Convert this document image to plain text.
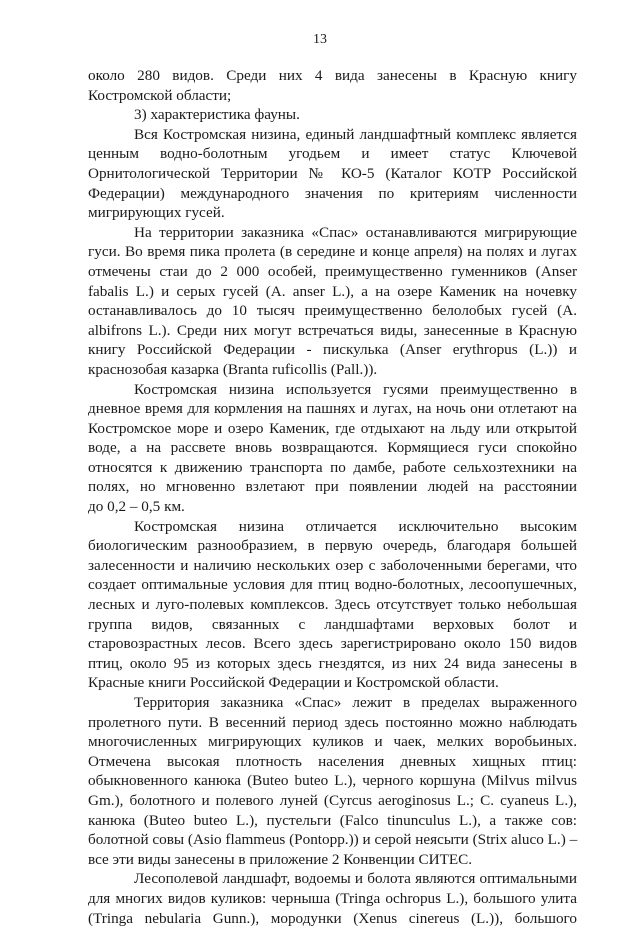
13
около 280 видов. Среди них 4 вида занесены в Красную книгу
Костромской области;
3) характеристика фауны.
Вся Костромская низина, единый ландшафтный комплекс является
ценным водно-болотным угодьем и имеет статус Ключевой
Орнитологической Территории № КО-5 (Каталог КОТР Российской
Федерации) международного значения по критериям численности
мигрирующих гусей.
На территории заказника «Спас» останавливаются мигрирующие
гуси. Во время пика пролета (в середине и конце апреля) на полях и лугах
отмечены стаи до 2 000 особей, преимущественно гуменников (Anser
fabalis L.) и серых гусей (A. anser L.), а на озере Каменик на ночевку
останавливалось до 10 тысяч преимущественно белолобых гусей (A.
albifrons L.). Среди них могут встречаться виды, занесенные в Красную
книгу Российской Федерации - пискулька (Anser erythropus (L.)) и
краснозобая казарка (Branta ruficollis (Pall.)).
Костромская низина используется гусями преимущественно в
дневное время для кормления на пашнях и лугах, на ночь они отлетают на
Костромское море и озеро Каменик, где отдыхают на льду или открытой
воде, а на рассвете вновь возвращаются. Кормящиеся гуси спокойно
относятся к движению транспорта по дамбе, работе сельхозтехники на
полях, но мгновенно взлетают при появлении людей на расстоянии
до 0,2 – 0,5 км.
Костромская низина отличается исключительно высоким
биологическим разнообразием, в первую очередь, благодаря большей
залесенности и наличию нескольких озер с заболоченными берегами, что
создает оптимальные условия для птиц водно-болотных, лесоопушечных,
лесных и луго-полевых комплексов. Здесь отсутствует только небольшая
группа видов, связанных с ландшафтами верховых болот и
старовозрастных лесов. Всего здесь зарегистрировано около 150 видов
птиц, около 95 из которых здесь гнездятся, из них 24 вида занесены в
Красные книги Российской Федерации и Костромской области.
Территория заказника «Спас» лежит в пределах выраженного
пролетного пути. В весенний период здесь постоянно можно наблюдать
многочисленных мигрирующих куликов и чаек, мелких воробьиных.
Отмечена высокая плотность населения дневных хищных птиц:
обыкновенного канюка (Buteo buteo L.), черного коршуна (Milvus milvus
Gm.), болотного и полевого луней (Cyrcus aeroginosus L.; C. cyaneus L.),
канюка (Buteo buteo L.), пустельги (Falco tinunculus L.), а также сов:
болотной совы (Asio flammeus (Pontopp.)) и серой неясыти (Strix aluco L.) –
все эти виды занесены в приложение 2 Конвенции СИТЕС.
Лесополевой ландшафт, водоемы и болота являются оптимальными
для многих видов куликов: черныша (Tringa ochropus L.), большого улита
(Tringa nebularia Gunn.), мородунки (Xenus cinereus (L.)), большого
